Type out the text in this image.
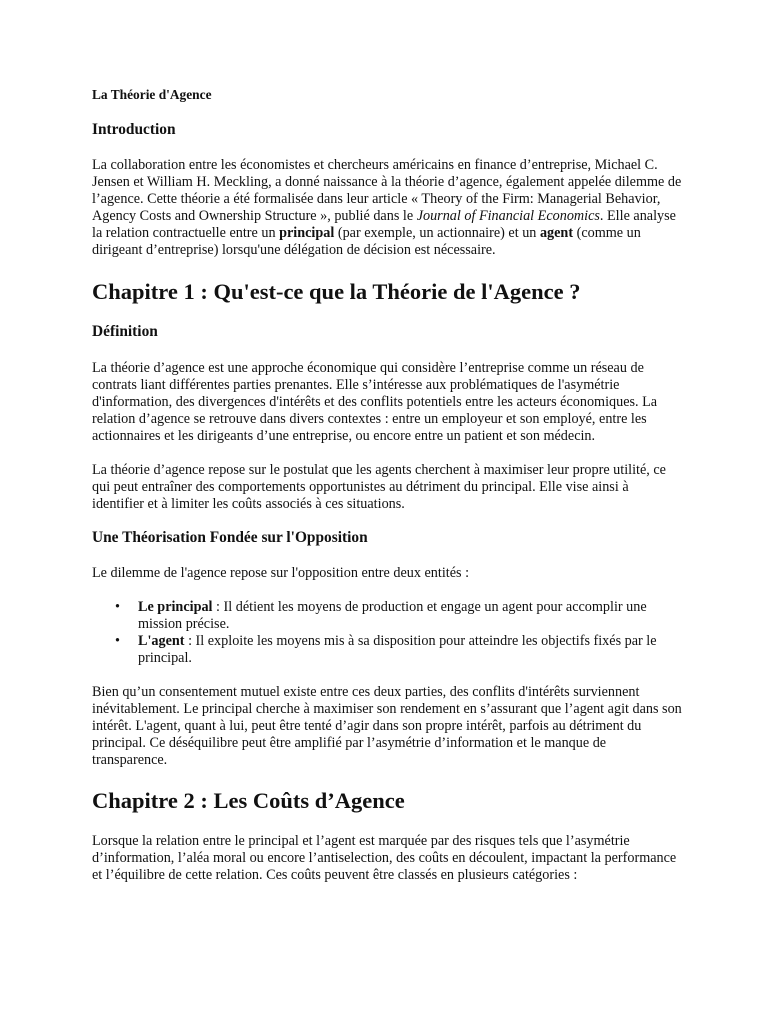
La Théorie d'Agence

Introduction

La collaboration entre les économistes et chercheurs américains en finance d’entreprise, Michael C. Jensen et William H. Meckling, a donné naissance à la théorie d’agence, également appelée dilemme de l’agence. Cette théorie a été formalisée dans leur article « Theory of the Firm: Managerial Behavior, Agency Costs and Ownership Structure », publié dans le Journal of Financial Economics. Elle analyse la relation contractuelle entre un principal (par exemple, un actionnaire) et un agent (comme un dirigeant d’entreprise) lorsqu'une délégation de décision est nécessaire.

Chapitre 1 : Qu'est-ce que la Théorie de l'Agence ?
Définition

La théorie d’agence est une approche économique qui considère l’entreprise comme un réseau de contrats liant différentes parties prenantes. Elle s’intéresse aux problématiques de l'asymétrie d'information, des divergences d'intérêts et des conflits potentiels entre les acteurs économiques. La relation d’agence se retrouve dans divers contextes : entre un employeur et son employé, entre les actionnaires et les dirigeants d’une entreprise, ou encore entre un patient et son médecin.

La théorie d’agence repose sur le postulat que les agents cherchent à maximiser leur propre utilité, ce qui peut entraîner des comportements opportunistes au détriment du principal. Elle vise ainsi à identifier et à limiter les coûts associés à ces situations.

Une Théorisation Fondée sur l'Opposition

Le dilemme de l'agence repose sur l'opposition entre deux entités :

• Le principal : Il détient les moyens de production et engage un agent pour accomplir une mission précise.
• L'agent : Il exploite les moyens mis à sa disposition pour atteindre les objectifs fixés par le principal.

Bien qu’un consentement mutuel existe entre ces deux parties, des conflits d'intérêts surviennent inévitablement. Le principal cherche à maximiser son rendement en s’assurant que l’agent agit dans son intérêt. L'agent, quant à lui, peut être tenté d’agir dans son propre intérêt, parfois au détriment du principal. Ce déséquilibre peut être amplifié par l’asymétrie d’information et le manque de transparence.

Chapitre 2 : Les Coûts d’Agence

Lorsque la relation entre le principal et l’agent est marquée par des risques tels que l’asymétrie d’information, l’aléa moral ou encore l’antiselection, des coûts en découlent, impactant la performance et l’équilibre de cette relation. Ces coûts peuvent être classés en plusieurs catégories :
